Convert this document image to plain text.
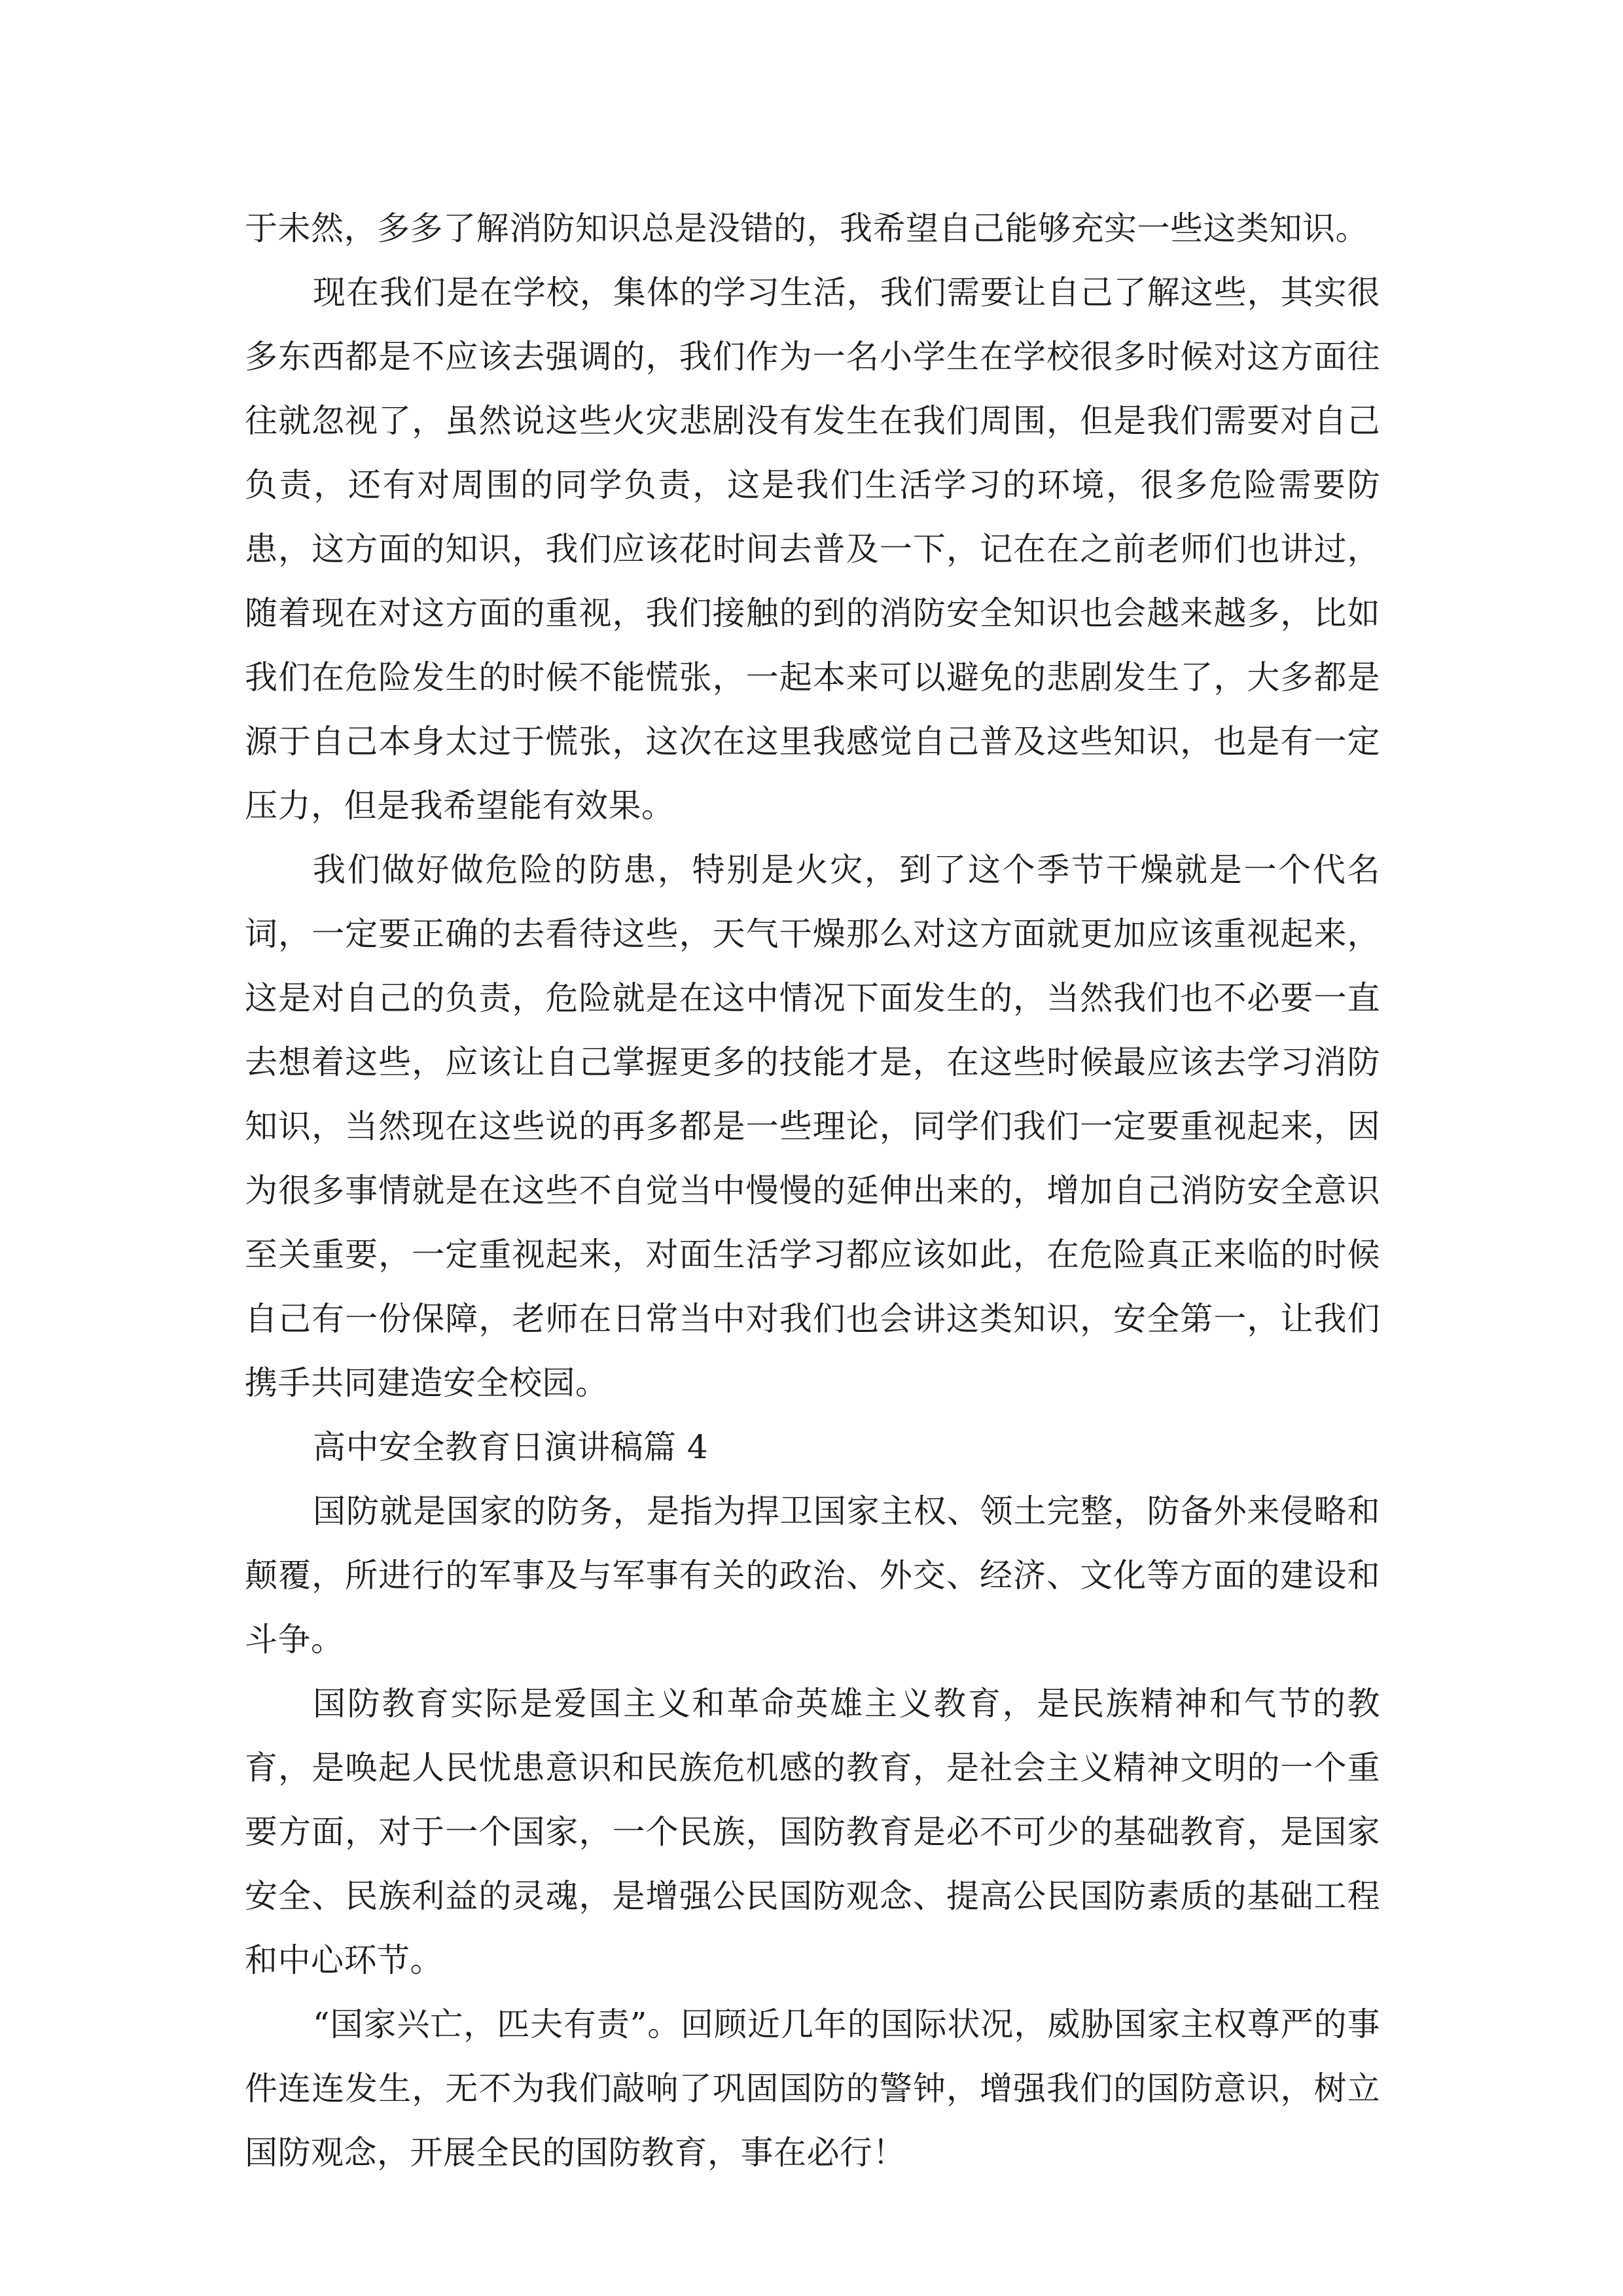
于未然，多多了解消防知识总是没错的，我希望自己能够充实一些这类知识。

现在我们是在学校，集体的学习生活，我们需要让自己了解这些，其实很多东西都是不应该去强调的，我们作为一名小学生在学校很多时候对这方面往往就忽视了，虽然说这些火灾悲剧没有发生在我们周围，但是我们需要对自己负责，还有对周围的同学负责，这是我们生活学习的环境，很多危险需要防患，这方面的知识，我们应该花时间去普及一下，记在在之前老师们也讲过，随着现在对这方面的重视，我们接触的到的消防安全知识也会越来越多，比如我们在危险发生的时候不能慌张，一起本来可以避免的悲剧发生了，大多都是源于自己本身太过于慌张，这次在这里我感觉自己普及这些知识，也是有一定压力，但是我希望能有效果。

我们做好做危险的防患，特别是火灾，到了这个季节干燥就是一个代名词，一定要正确的去看待这些，天气干燥那么对这方面就更加应该重视起来，这是对自己的负责，危险就是在这中情况下面发生的，当然我们也不必要一直去想着这些，应该让自己掌握更多的技能才是，在这些时候最应该去学习消防知识，当然现在这些说的再多都是一些理论，同学们我们一定要重视起来，因为很多事情就是在这些不自觉当中慢慢的延伸出来的，增加自己消防安全意识至关重要，一定重视起来，对面生活学习都应该如此，在危险真正来临的时候自己有一份保障，老师在日常当中对我们也会讲这类知识，安全第一，让我们携手共同建造安全校园。

高中安全教育日演讲稿篇 4

国防就是国家的防务，是指为捍卫国家主权、领土完整，防备外来侵略和颠覆，所进行的军事及与军事有关的政治、外交、经济、文化等方面的建设和斗争。

国防教育实际是爱国主义和革命英雄主义教育，是民族精神和气节的教育，是唤起人民忧患意识和民族危机感的教育，是社会主义精神文明的一个重要方面，对于一个国家，一个民族，国防教育是必不可少的基础教育，是国家安全、民族利益的灵魂，是增强公民国防观念、提高公民国防素质的基础工程和中心环节。

“国家兴亡，匹夫有责”。回顾近几年的国际状况，威胁国家主权尊严的事件连连发生，无不为我们敲响了巩固国防的警钟，增强我们的国防意识，树立国防观念，开展全民的国防教育，事在必行！
